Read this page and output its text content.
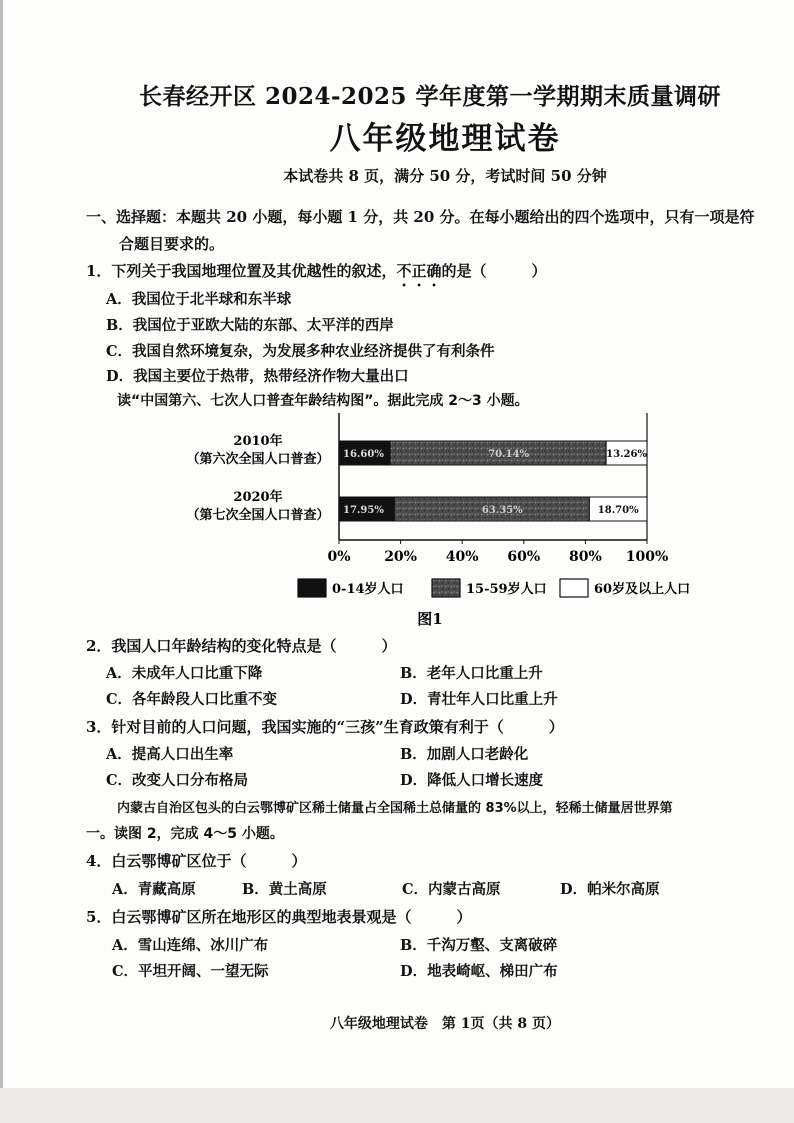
长春经开区 2024-2025 学年度第一学期期末质量调研
八年级地理试卷
本试卷共 8 页，满分 50 分，考试时间 50 分钟
一、选择题：本题共 20 小题，每小题 1 分，共 20 分。在每小题给出的四个选项中，只有一项是符
合题目要求的。
1．下列关于我国地理位置及其优越性的叙述，不正确的是（　　　）
A．我国位于北半球和东半球
B．我国位于亚欧大陆的东部、太平洋的西岸
C．我国自然环境复杂，为发展多种农业经济提供了有利条件
D．我国主要位于热带，热带经济作物大量出口
读“中国第六、七次人口普查年龄结构图”。据此完成 2～3 小题。
16.60%	70.14%	13.26%
17.95%	63.35%	18.70%
2010年
（第六次全国人口普查）
2020年
（第七次全国人口普查）
0% 20% 40% 60% 80% 100%
0-14岁人口	15-59岁人口	60岁及以上人口
图1
2．我国人口年龄结构的变化特点是（　　　）
A．未成年人口比重下降	B．老年人口比重上升
C．各年龄段人口比重不变	D．青壮年人口比重上升
3．针对目前的人口问题，我国实施的“三孩”生育政策有利于（　　　）
A．提高人口出生率	B．加剧人口老龄化
C．改变人口分布格局	D．降低人口增长速度
内蒙古自治区包头的白云鄂博矿区稀土储量占全国稀土总储量的 83%以上，轻稀土储量居世界第
一。读图 2，完成 4～5 小题。
4．白云鄂博矿区位于（　　　）
A．青藏高原	B．黄土高原	C．内蒙古高原	D．帕米尔高原
5．白云鄂博矿区所在地形区的典型地表景观是（　　　）
A．雪山连绵、冰川广布	B．千沟万壑、支离破碎
C．平坦开阔、一望无际	D．地表崎岖、梯田广布
八年级地理试卷　第 1页（共 8 页）
